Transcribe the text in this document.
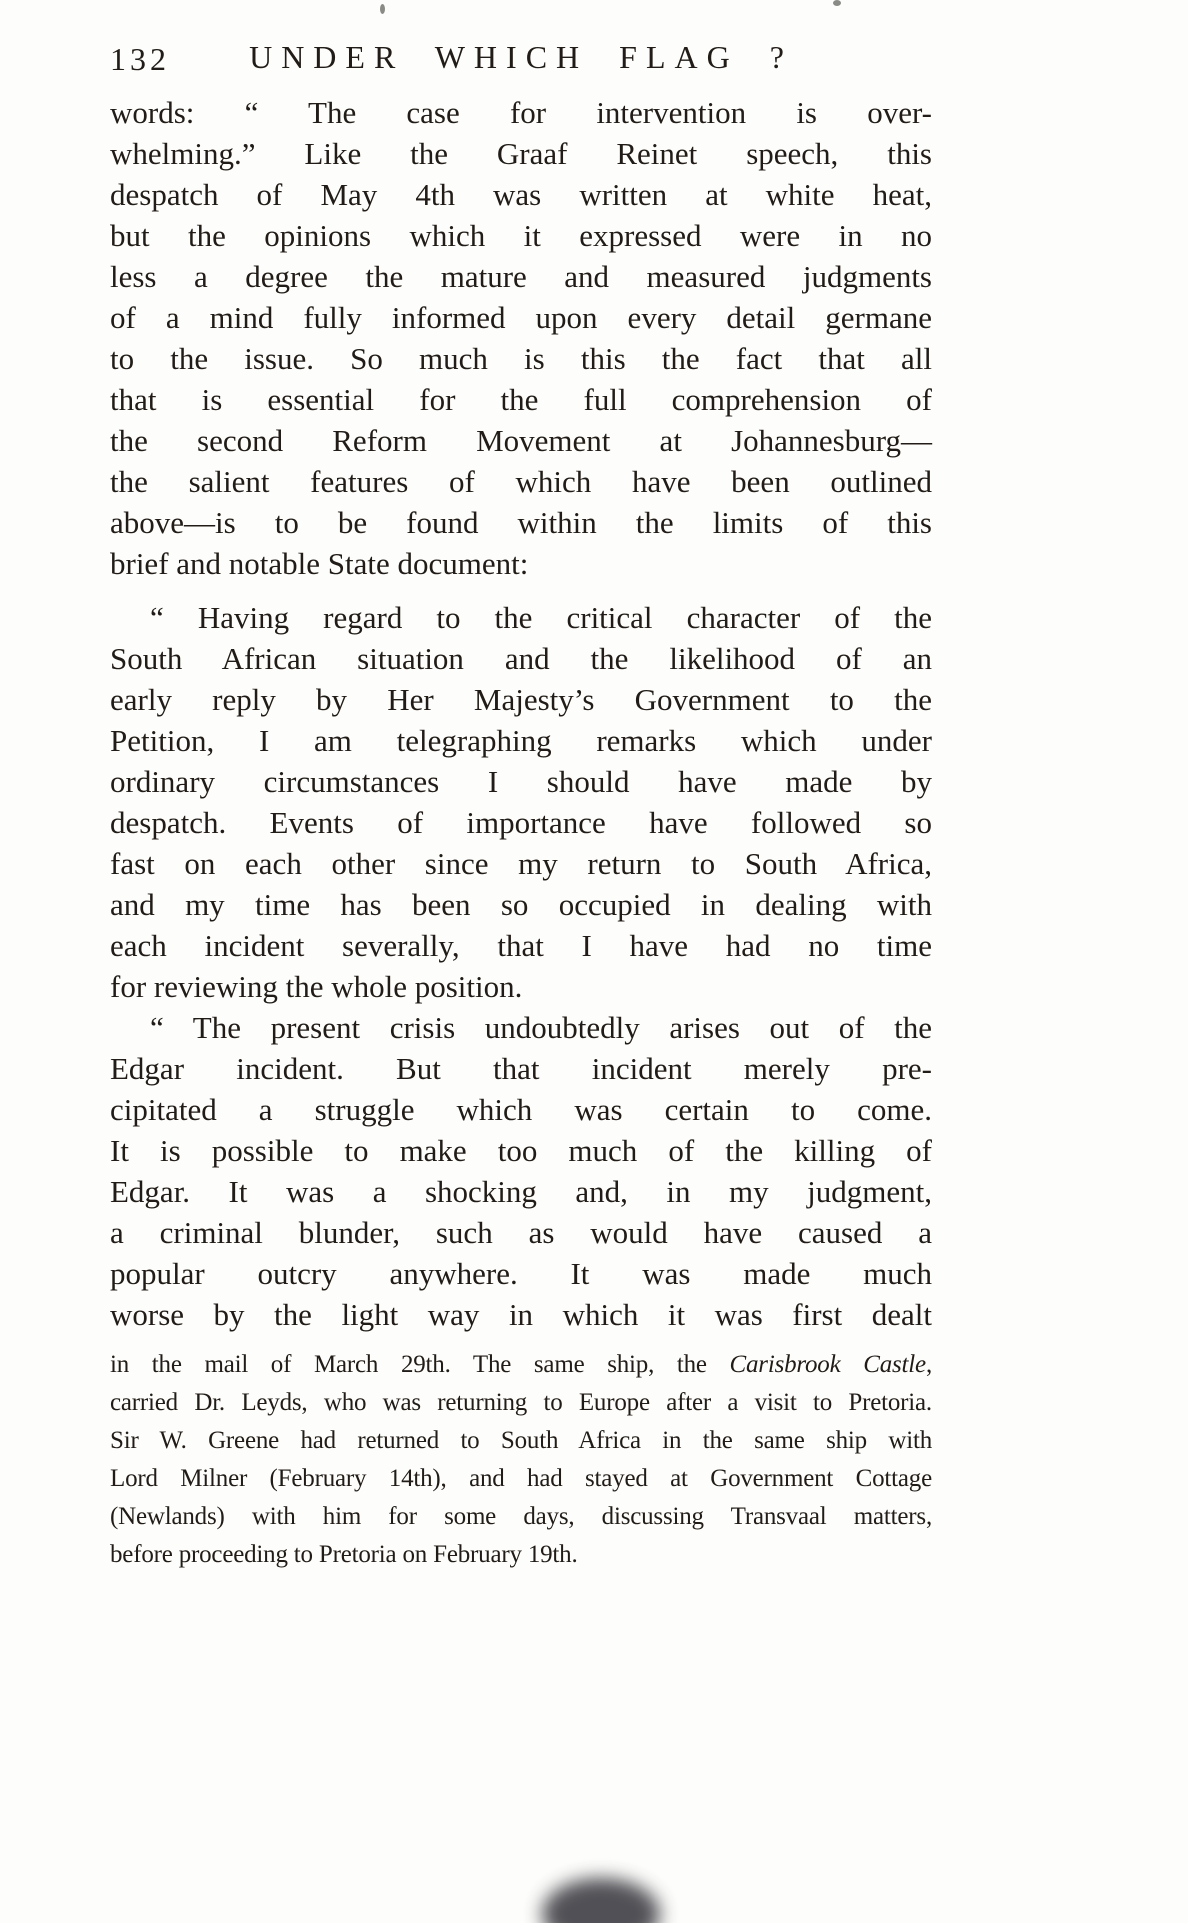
132	UNDER WHICH FLAG ?
words: “ The case for intervention is over-
whelming.” Like the Graaf Reinet speech, this
despatch of May 4th was written at white heat,
but the opinions which it expressed were in no
less a degree the mature and measured judgments
of a mind fully informed upon every detail germane
to the issue. So much is this the fact that all
that is essential for the full comprehension of
the second Reform Movement at Johannesburg—
the salient features of which have been outlined
above—is to be found within the limits of this
brief and notable State document:
“ Having regard to the critical character of the
South African situation and the likelihood of an
early reply by Her Majesty’s Government to the
Petition, I am telegraphing remarks which under
ordinary circumstances I should have made by
despatch. Events of importance have followed so
fast on each other since my return to South Africa,
and my time has been so occupied in dealing with
each incident severally, that I have had no time
for reviewing the whole position.
“ The present crisis undoubtedly arises out of the
Edgar incident. But that incident merely pre-
cipitated a struggle which was certain to come.
It is possible to make too much of the killing of
Edgar. It was a shocking and, in my judgment,
a criminal blunder, such as would have caused a
popular outcry anywhere. It was made much
worse by the light way in which it was first dealt
in the mail of March 29th. The same ship, the Carisbrook Castle,
carried Dr. Leyds, who was returning to Europe after a visit to Pretoria.
Sir W. Greene had returned to South Africa in the same ship with
Lord Milner (February 14th), and had stayed at Government Cottage
(Newlands) with him for some days, discussing Transvaal matters,
before proceeding to Pretoria on February 19th.
